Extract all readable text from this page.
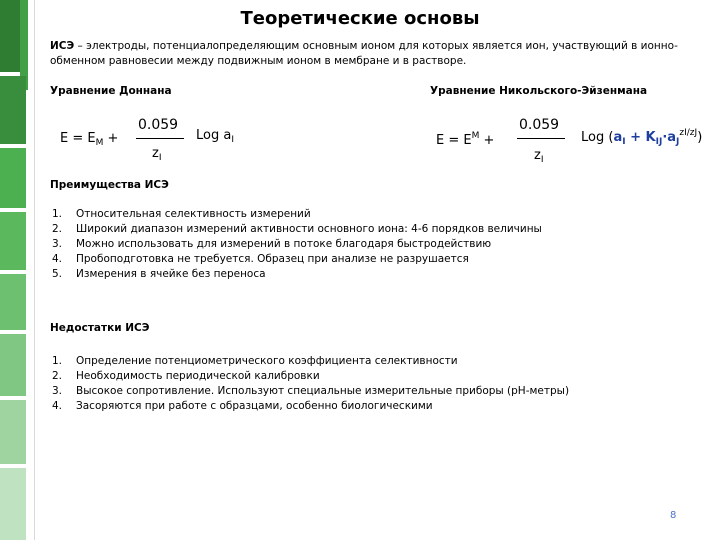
Теоретические основы
ИСЭ – электроды, потенциалопределяющим основным ионом для которых является ион, участвующий в ионно-обменном равновесии между подвижным ионом в мембране и в растворе.
Уравнение Доннана
$E = E_M$ +
0.059
$z_I$
Log $a_I$
Уравнение Никольского-Эйзенмана
$E = E^M$ +
0.059
$z_I$
Log $(a_I + K_{IJ}\cdot a_J^{zI/zJ})$
Преимущества ИСЭ
1. Относительная селективность измерений
2. Широкий диапазон измерений активности основного иона: 4-6 порядков величины
3. Можно использовать для измерений в потоке благодаря быстродействию
4. Пробоподготовка не требуется. Образец при анализе не разрушается
5. Измерения в ячейке без переноса
Недостатки ИСЭ
1. Определение потенциометрического коэффициента селективности
2. Необходимость периодической калибровки
3. Высокое сопротивление. Используют специальные измерительные приборы (рН-метры)
4. Засоряются при работе с образцами, особенно биологическими
8
